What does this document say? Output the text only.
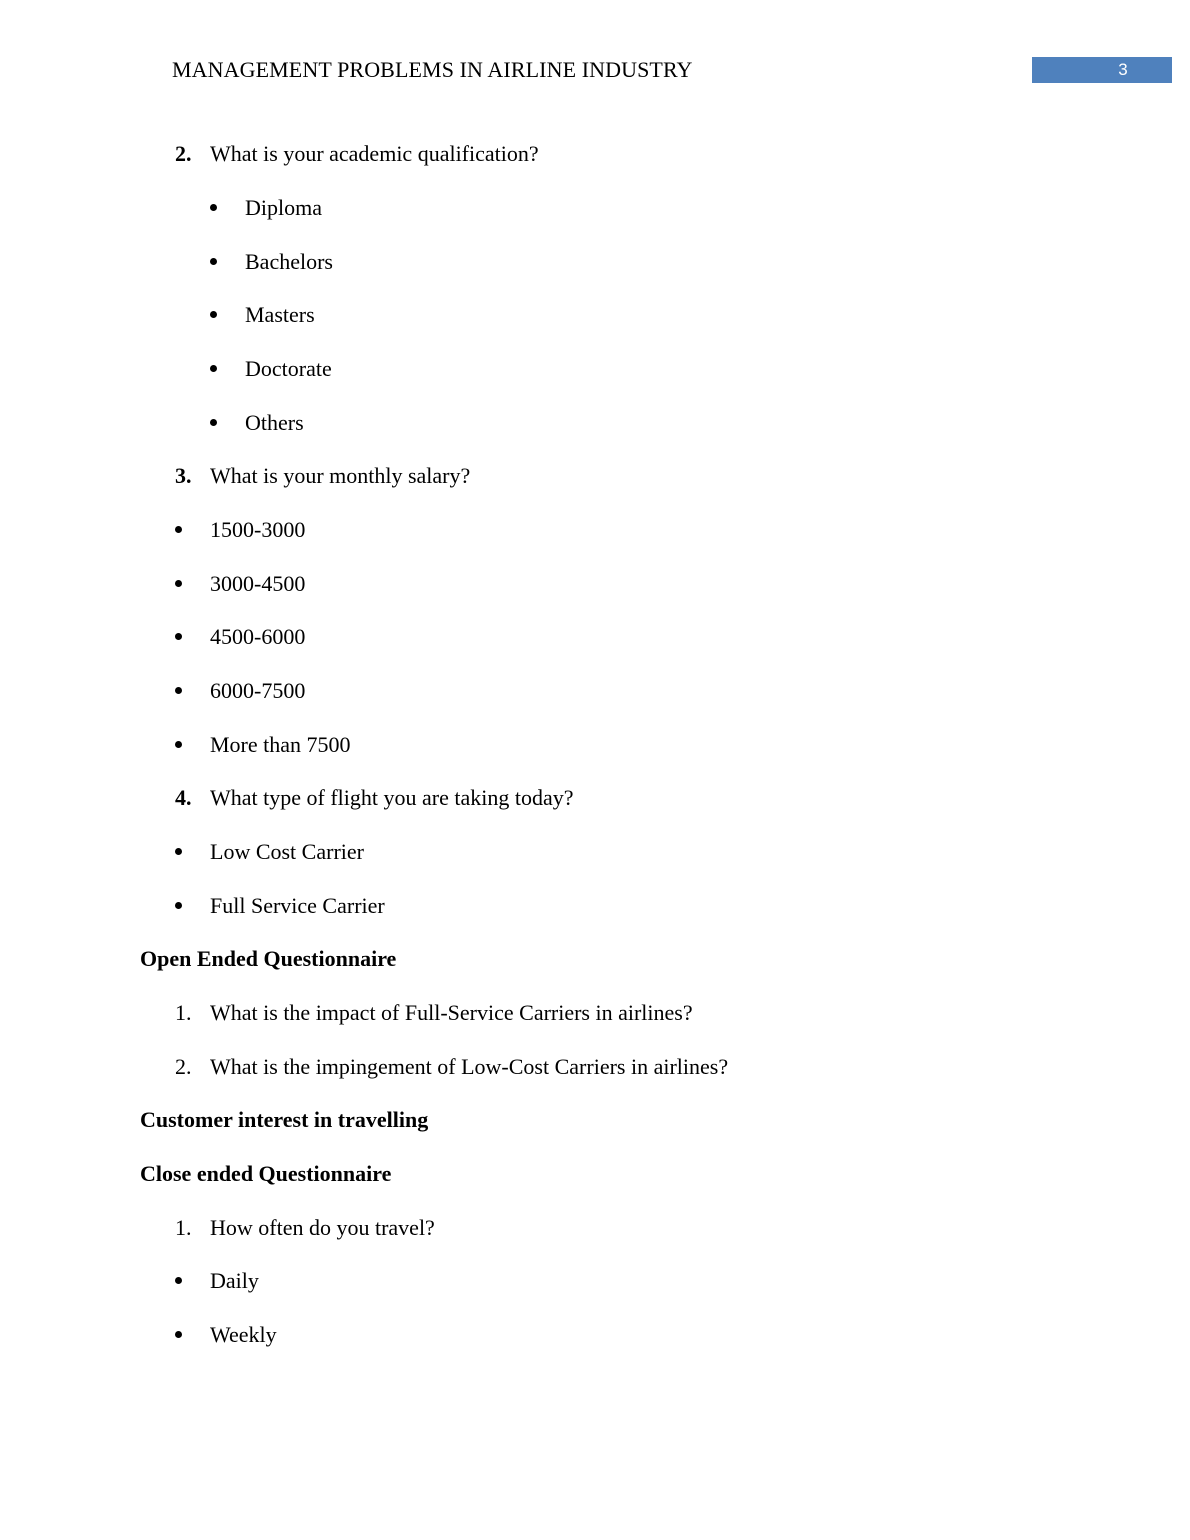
MANAGEMENT PROBLEMS IN AIRLINE INDUSTRY	3
2. What is your academic qualification?
Diploma
Bachelors
Masters
Doctorate
Others
3. What is your monthly salary?
1500-3000
3000-4500
4500-6000
6000-7500
More than 7500
4. What type of flight you are taking today?
Low Cost Carrier
Full Service Carrier
Open Ended Questionnaire
1. What is the impact of Full-Service Carriers in airlines?
2. What is the impingement of Low-Cost Carriers in airlines?
Customer interest in travelling
Close ended Questionnaire
1. How often do you travel?
Daily
Weekly
